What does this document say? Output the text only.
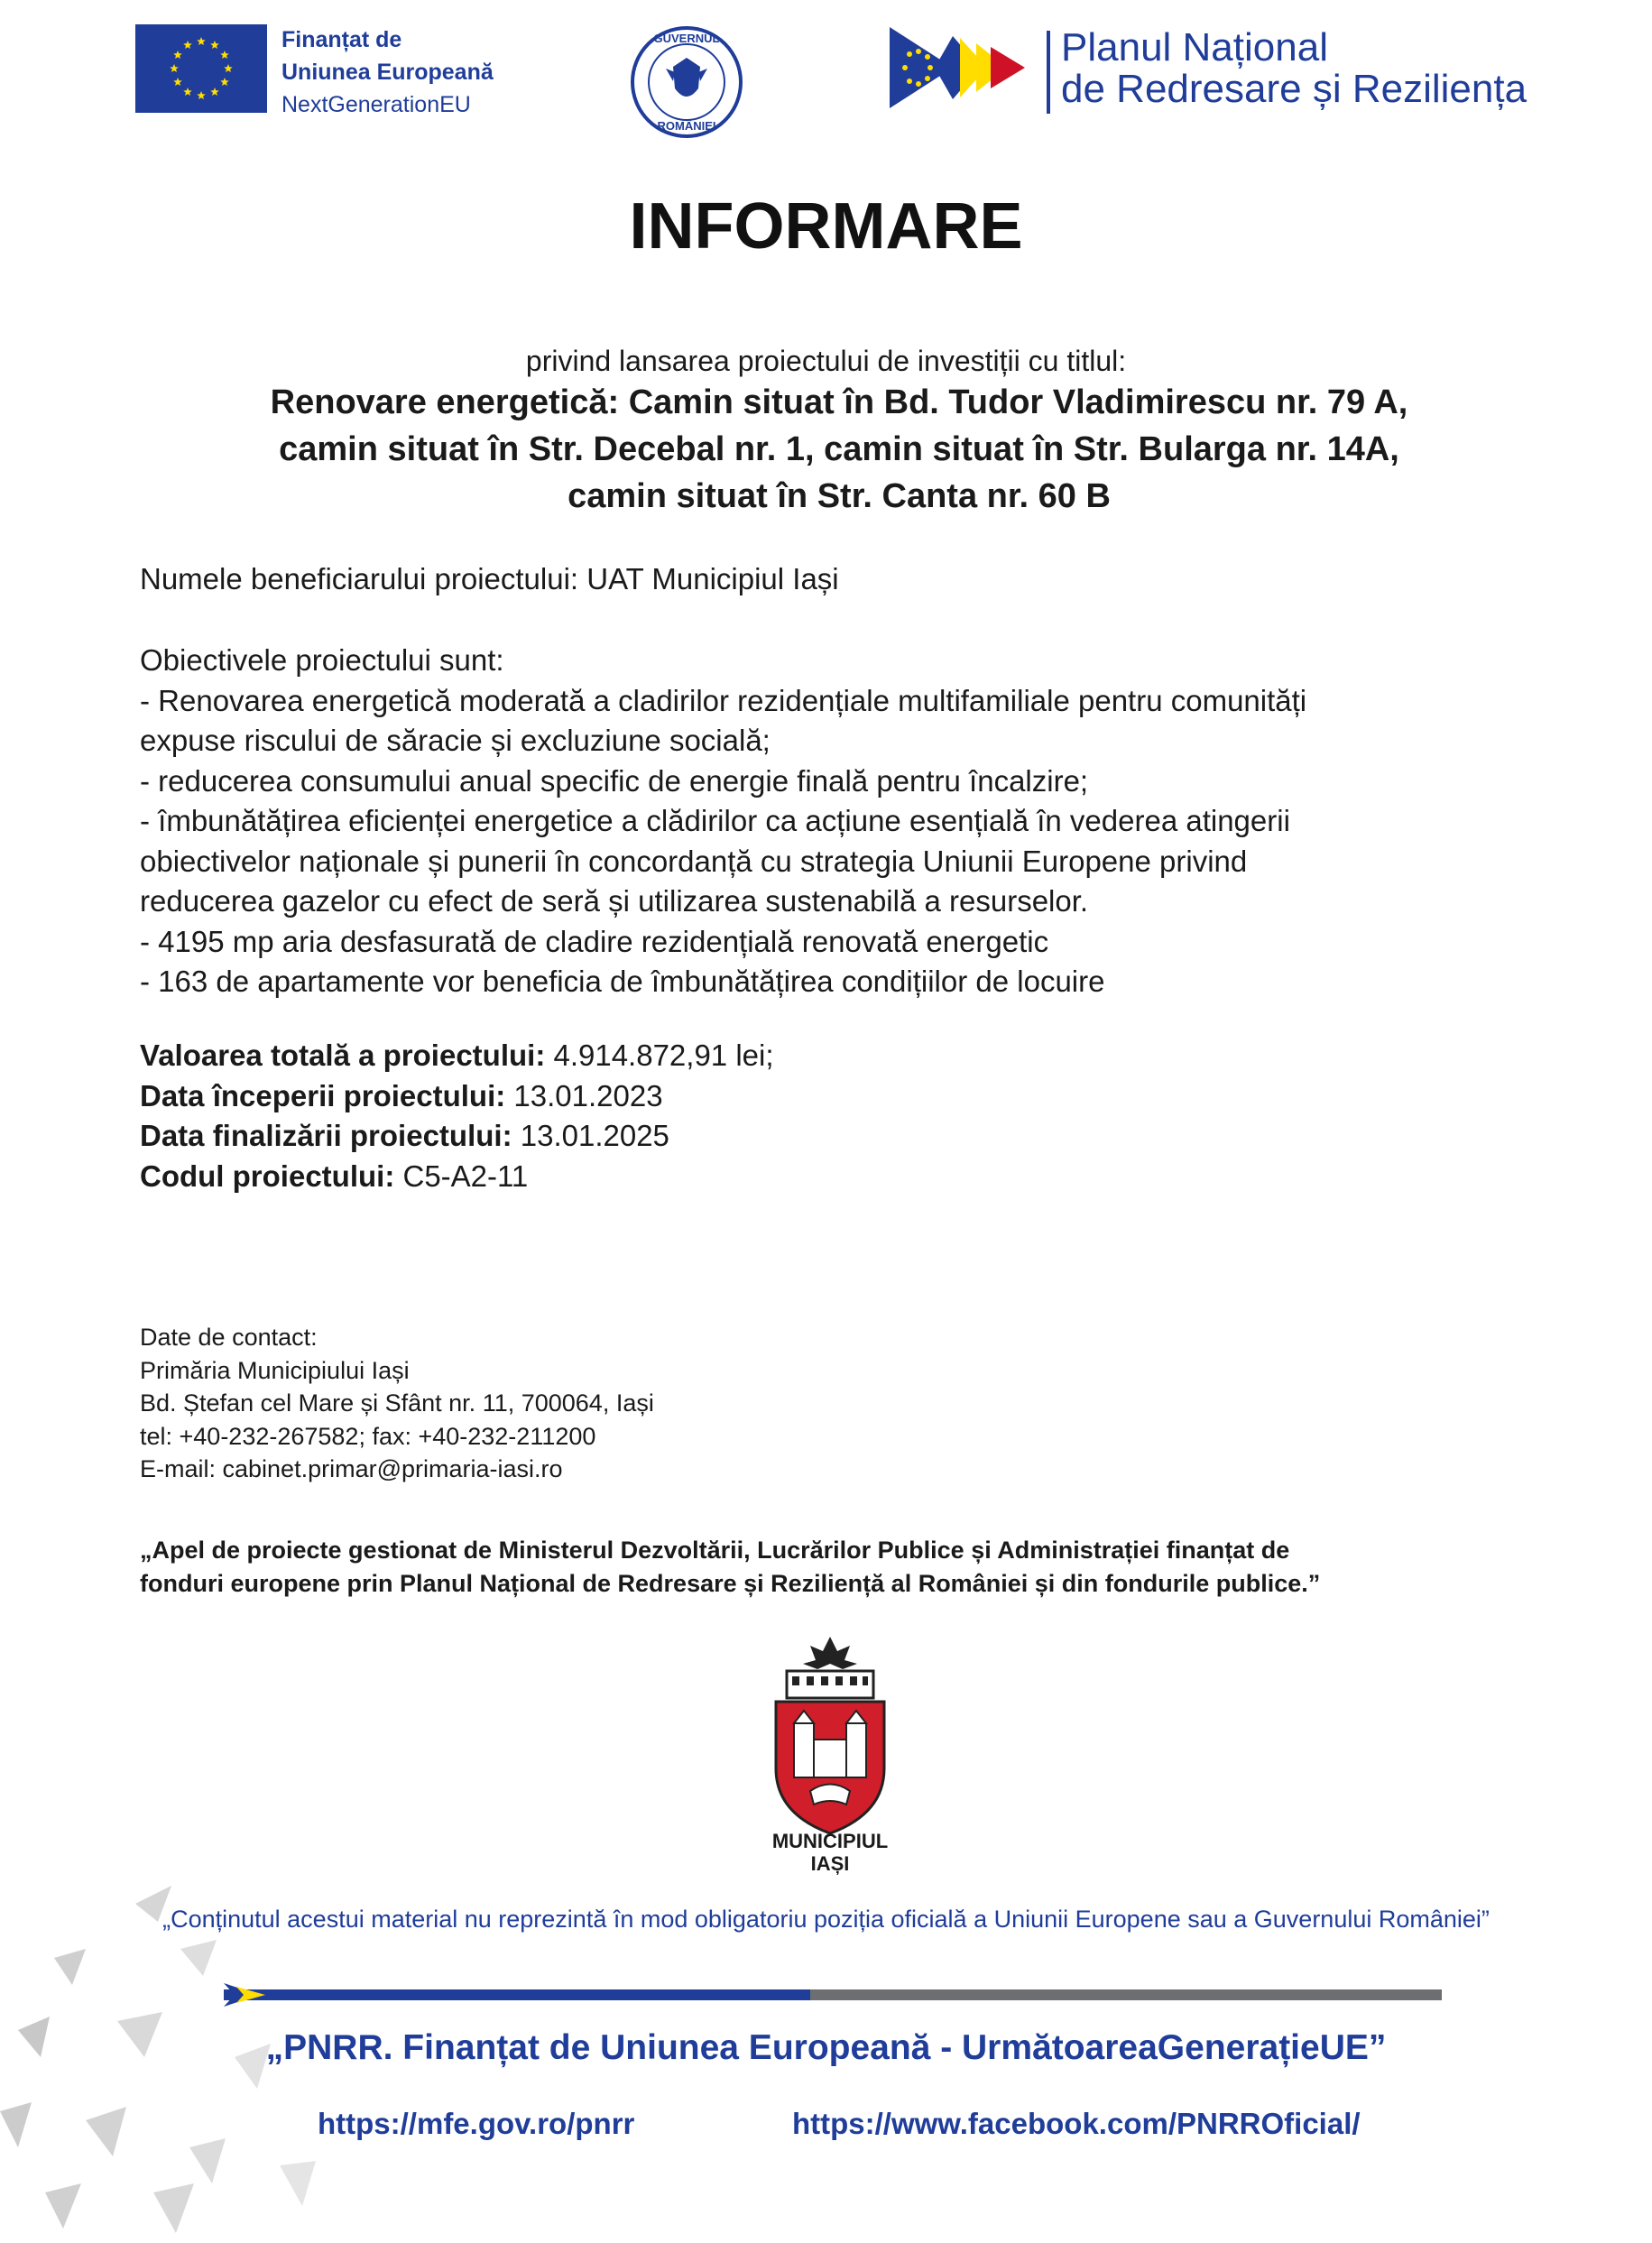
Finanțat de
Uniunea Europeană
NextGenerationEU
GUVERNUL
ROMÂNIEI
Planul Național
de Redresare și Reziliența
INFORMARE
privind lansarea proiectului de investiții cu titlul:
Renovare energetică: Camin situat în Bd. Tudor Vladimirescu nr. 79 A,
camin situat în Str. Decebal nr. 1, camin situat în Str. Bularga nr. 14A,
camin situat în Str. Canta nr. 60 B
Numele beneficiarului proiectului: UAT Municipiul Iași
Obiectivele proiectului sunt:
- Renovarea energetică moderată a cladirilor rezidențiale multifamiliale pentru comunități
expuse riscului de săracie și excluziune socială;
- reducerea consumului anual specific de energie finală pentru încalzire;
- îmbunătățirea eficienței energetice a clădirilor ca acțiune esențială în vederea atingerii
obiectivelor naționale și punerii în concordanță cu strategia Uniunii Europene privind
reducerea gazelor cu efect de seră și utilizarea sustenabilă a resurselor.
- 4195 mp aria desfasurată de cladire rezidențială renovată energetic
- 163 de apartamente vor beneficia de îmbunătățirea condițiilor de locuire
Valoarea totală a proiectului: 4.914.872,91 lei;
Data începerii proiectului: 13.01.2023
Data finalizării proiectului: 13.01.2025
Codul proiectului: C5-A2-11
Date de contact:
Primăria Municipiului Iași
Bd. Ștefan cel Mare și Sfânt nr. 11, 700064, Iași
tel: +40-232-267582; fax: +40-232-211200
E-mail: cabinet.primar@primaria-iasi.ro
„Apel de proiecte gestionat de Ministerul Dezvoltării, Lucrărilor Publice și Administrației finanțat de
fonduri europene prin Planul Național de Redresare și Reziliență al României și din fondurile publice.”
MUNICIPIUL
IAȘI
„Conținutul acestui material nu reprezintă în mod obligatoriu poziția oficială a Uniunii Europene sau a Guvernului României”
„PNRR. Finanțat de Uniunea Europeană - UrmătoareaGenerațieUE”
https://mfe.gov.ro/pnrr	https://www.facebook.com/PNRROficial/
